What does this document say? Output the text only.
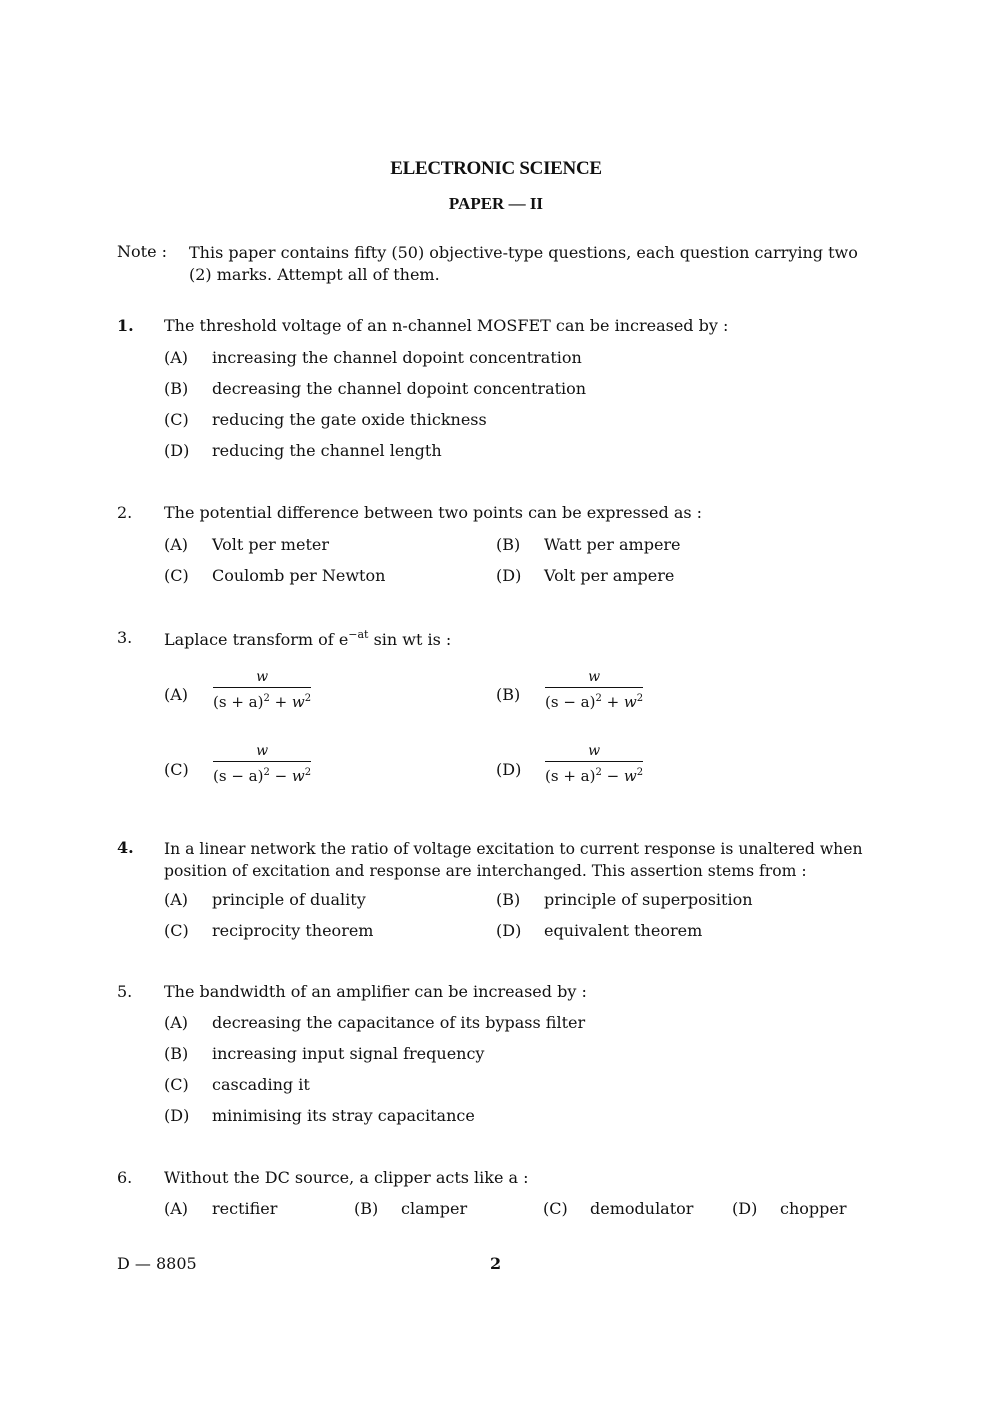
ELECTRONIC SCIENCE
PAPER — II
Note : This paper contains fifty (50) objective-type questions, each question carrying two (2) marks. Attempt all of them.
1. The threshold voltage of an n-channel MOSFET can be increased by :
(A) increasing the channel dopoint concentration
(B) decreasing the channel dopoint concentration
(C) reducing the gate oxide thickness
(D) reducing the channel length
2. The potential difference between two points can be expressed as :
(A) Volt per meter	(B) Watt per ampere
(C) Coulomb per Newton	(D) Volt per ampere
3. Laplace transform of $e^{-at}$ sin wt is :
$(A) \frac{w}{(s + a)^2 + w^2}$	$(B) \frac{w}{(s - a)^2 + w^2}$
$(C) \frac{w}{(s - a)^2 - w^2}$	$(D) \frac{w}{(s + a)^2 - w^2}$
4. In a linear network the ratio of voltage excitation to current response is unaltered when position of excitation and response are interchanged. This assertion stems from :
(A) principle of duality	(B) principle of superposition
(C) reciprocity theorem	(D) equivalent theorem
5. The bandwidth of an amplifier can be increased by :
(A) decreasing the capacitance of its bypass filter
(B) increasing input signal frequency
(C) cascading it
(D) minimising its stray capacitance
6. Without the DC source, a clipper acts like a :
(A) rectifier	(B) clamper	(C) demodulator (D) chopper
D — 8805	2
